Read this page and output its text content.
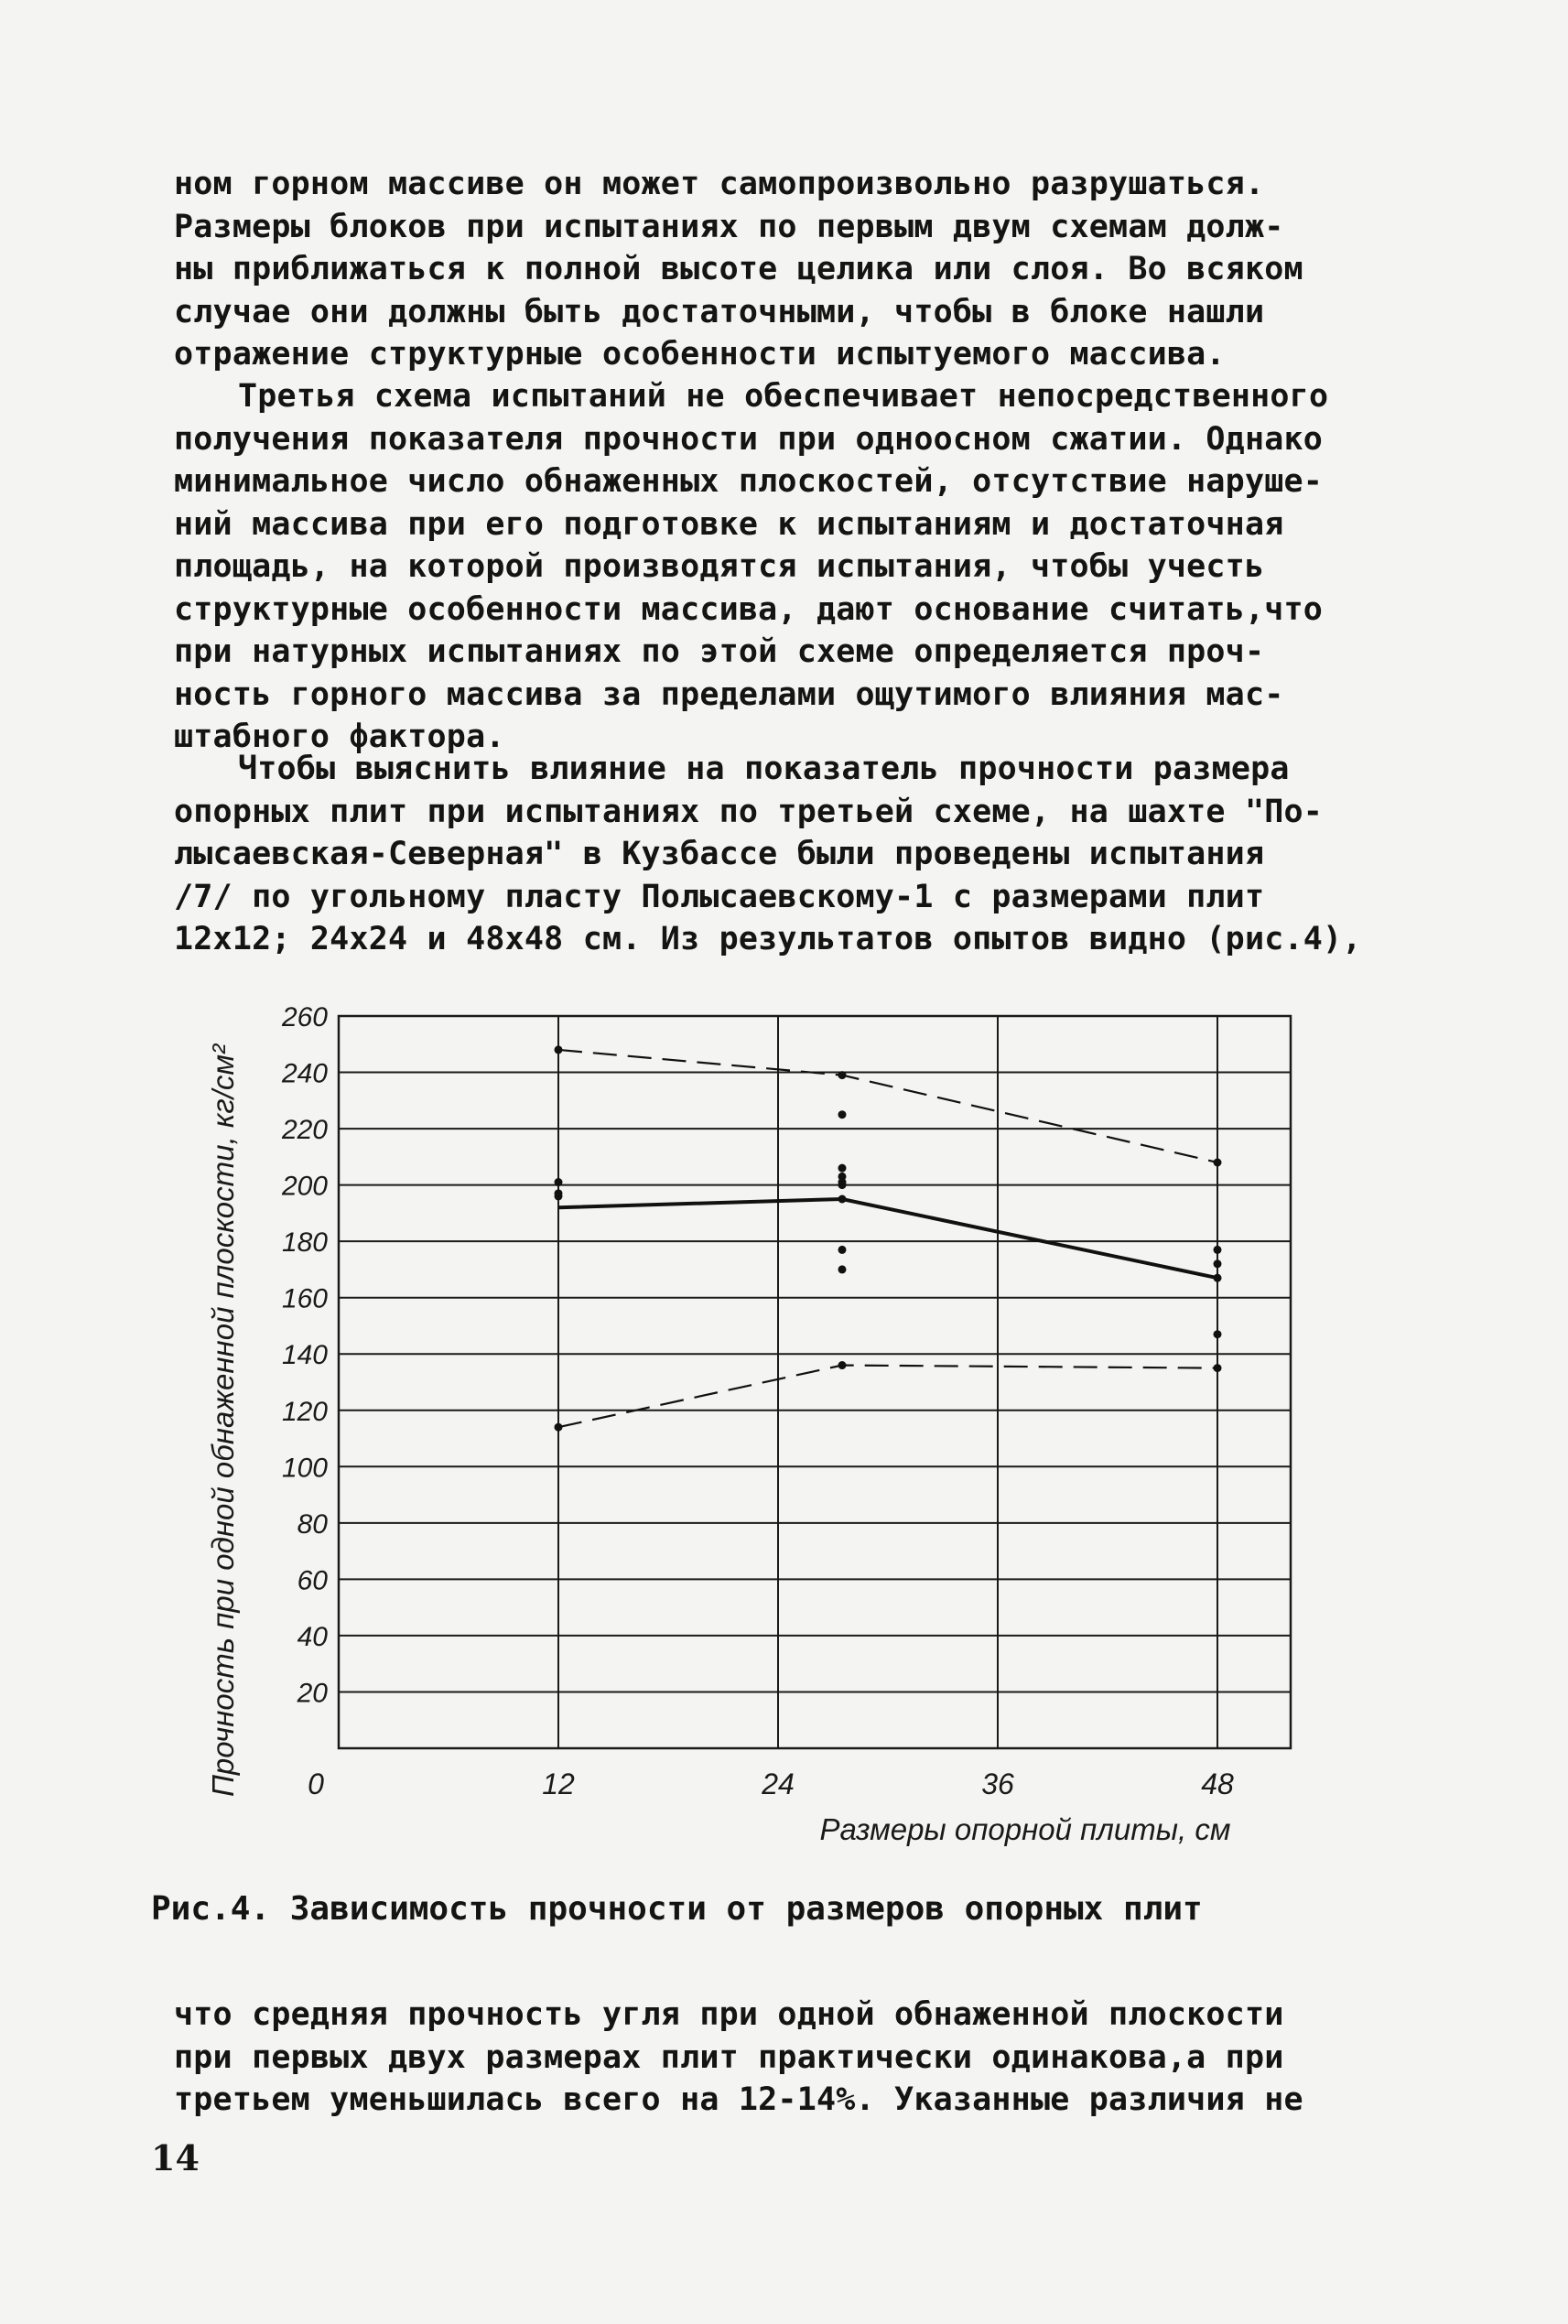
ном горном массиве он может самопроизвольно разрушаться.
Размеры блоков при испытаниях по первым двум схемам долж-
ны приближаться к полной высоте целика или слоя. Во всяком
случае они должны быть достаточными, чтобы в блоке нашли
отражение структурные особенности испытуемого массива.
Третья схема испытаний не обеспечивает непосредственного
получения показателя прочности при одноосном сжатии. Однако
минимальное число обнаженных плоскостей, отсутствие наруше-
ний массива при его подготовке к испытаниям и достаточная
площадь, на которой производятся испытания, чтобы учесть
структурные особенности массива, дают основание считать,что
при натурных испытаниях по этой схеме определяется проч-
ность горного массива за пределами ощутимого влияния мас-
штабного фактора.
Чтобы выяснить влияние на показатель прочности размера
опорных плит при испытаниях по третьей схеме, на шахте "По-
лысаевская-Северная" в Кузбассе были проведены испытания
/7/ по угольному пласту Полысаевскому-1 с размерами плит
12х12; 24х24 и 48х48 см. Из результатов опытов видно (рис.4),
20
40
60
80
100
120
140
160
180
200
220
240
260
0	12	24	36	48
Прочность при одной обнаженной плоскости, кг/см²
Размеры опорной плиты, см
Рис.4. Зависимость прочности от размеров опорных плит
что средняя прочность угля при одной обнаженной плоскости
при первых двух размерах плит практически одинакова,а при
третьем уменьшилась всего на 12-14%. Указанные различия не
14
